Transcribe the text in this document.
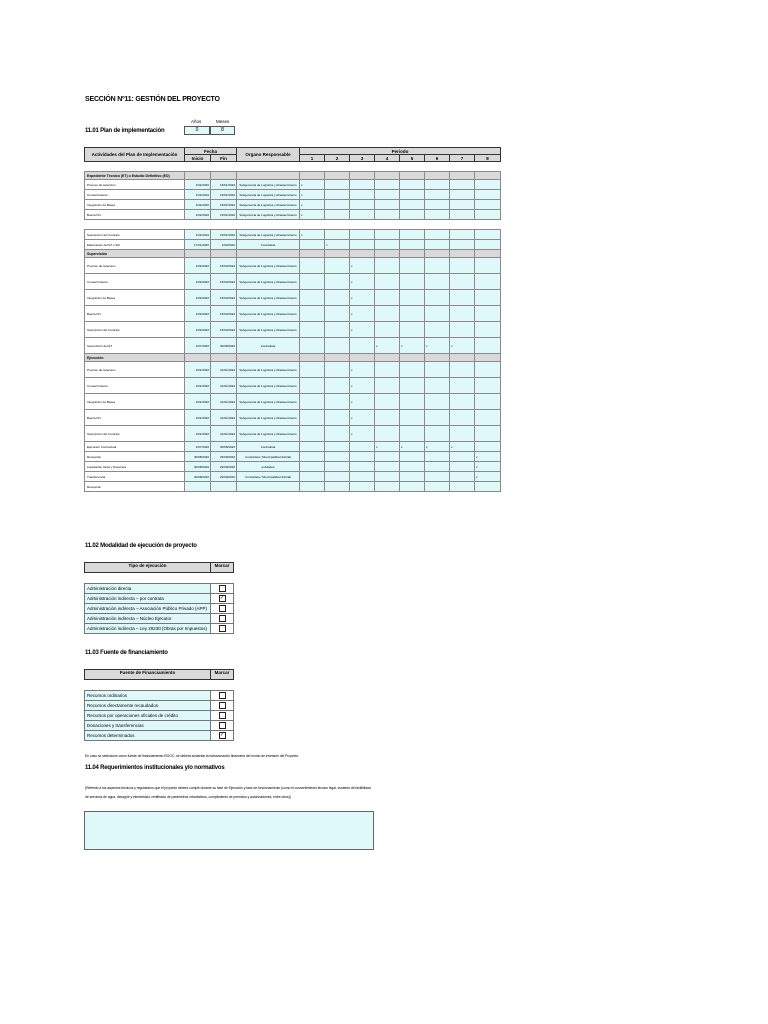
SECCIÓN Nº11: GESTIÓN DEL PROYECTO
Años	Meses
11.01 Plan de implementación	0	8
Actividades del Plan de Implementación	Fecha		Organo Responsable	Periodo							
	Inicio	Fin		1	2	3	4	5	6	7	8

Expediente Técnico (ET) o Estudio Definitivo (ED)											
Proceso de selección	1/02/2020	15/01/2020	Subgerencia de Logística y Abastecimiento	x							
Consentimiento	1/02/2020	15/01/2020	Subgerencia de Logística y Abastecimiento	x							
Integración de Bases	1/02/2020	15/01/2020	Subgerencia de Logística y Abastecimiento	x							
Buena Pro	1/02/2020	15/01/2020	Subgerencia de Logística y Abastecimiento	x							

Suscripción del Contrato	1/02/2020	15/01/2020	Subgerencia de Logística y Abastecimiento	x							
Elaboración del ET o ED	17/01/2020	1/03/2020	Contratista		x						
Supervisión											
Proceso de selección	1/02/2020	15/03/2020	Subgerencia de Logística y Abastecimiento			x					
Consentimiento	1/02/2020	15/03/2020	Subgerencia de Logística y Abastecimiento			x					
Integración de Bases	1/02/2020	15/03/2020	Subgerencia de Logística y Abastecimiento			x					
Buena Pro	1/02/2020	15/03/2020	Subgerencia de Logística y Abastecimiento			x					
Suscripción del Contrato	1/02/2020	15/03/2020	Subgerencia de Logística y Abastecimiento			x					
Supervisión del ET	1/07/2020	30/08/2020	Contratista				x	x	x	x	
Ejecución											
Proceso de selección	1/01/2020	31/01/2020	Subgerencia de Logística y Abastecimiento			x					
Consentimiento	1/01/2020	31/01/2020	Subgerencia de Logística y Abastecimiento			x					
Integración de Bases	1/01/2020	31/01/2020	Subgerencia de Logística y Abastecimiento			x					
Buena Pro	1/01/2020	31/01/2020	Subgerencia de Logística y Abastecimiento			x					
Suscripción del Contrato	1/01/2020	31/01/2020	Subgerencia de Logística y Abastecimiento			x					
Ejecución Contractual	1/07/2020	30/08/2020	Contratista				x	x	x	x	
Recepción	30/08/2020	29/09/2020	Contratista / Municipalidad distrital								x
Liquidación física y financiera	30/08/2020	29/09/2020	entidades								x
Transferencia	30/08/2020	29/09/2020	Contratista / Municipalidad distrital								x
Recepción											
11.02 Modalidad de ejecución de proyecto
Tipo de ejecución	Marcar
Administración directa	
Administración indirecta – por contrata	✓
Administración indirecta – Asociación Público Privado (APP)	
Administración indirecta – Núcleo Ejecutor	
Administración indirecta – Ley 29230 (Obras por Impuestos)	
11.03 Fuente de financiamiento
Fuente de Financiamiento	Marcar
Recursos ordinarios	
Recursos directamente recaudados	
Recursos por operaciones oficiales de crédito	
Donaciones y transferencias	
Recursos determinados	✓
En caso se seleccione como fuente de financiamiento ROOC, se deberá sustentar la estructuración financiera del monto de inversión del Proyecto.
11.04 Requerimientos institucionales y/o normativos
(Referido a los aspectos técnicos y regulatorios que el proyecto deberá cumplir durante su fase de Ejecución y fase de funcionamiento (como el consentimiento técnico legal, sustento de factibilidad de servicios de agua, desagüe y electricidad, certificado de parámetros urbanísticos, cumplimiento de permisos y autorizaciones, entre otros))
